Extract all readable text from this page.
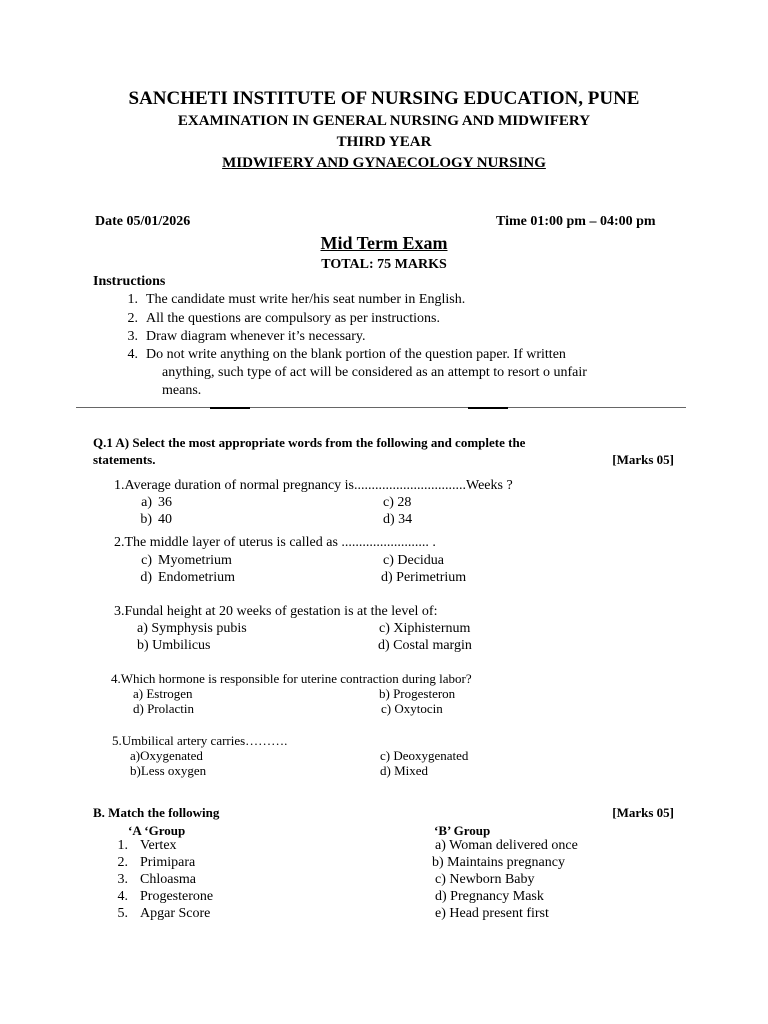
SANCHETI INSTITUTE OF NURSING EDUCATION, PUNE
EXAMINATION IN GENERAL NURSING AND MIDWIFERY
THIRD YEAR
MIDWIFERY AND GYNAECOLOGY NURSING
Date 05/01/2026	Time 01:00 pm – 04:00 pm
Mid Term Exam
TOTAL: 75 MARKS
Instructions
1. The candidate must write her/his seat number in English.
2. All the questions are compulsory as per instructions.
3. Draw diagram whenever it’s necessary.
4. Do not write anything on the blank portion of the question paper. If written
anything, such type of act will be considered as an attempt to resort o unfair
means.
Q.1 A) Select the most appropriate words from the following and complete the
statements.	[Marks 05]
1.Average duration of normal pregnancy is................................Weeks ?
a) 36	c) 28
b) 40	d) 34
2.The middle layer of uterus is called as ......................... .
c) Myometrium	c) Decidua
d) Endometrium	d) Perimetrium
3.Fundal height at 20 weeks of gestation is at the level of:
a) Symphysis pubis	c) Xiphisternum
b) Umbilicus	d) Costal margin
4.Which hormone is responsible for uterine contraction during labor?
a) Estrogen	b) Progesteron
d) Prolactin	c) Oxytocin
5.Umbilical artery carries……….
a)Oxygenated	c) Deoxygenated
b)Less oxygen	d) Mixed
B. Match the following	[Marks 05]
‘A ‘Group	‘B’ Group
1. Vertex	a) Woman delivered once
2. Primipara	b) Maintains pregnancy
3. Chloasma	c) Newborn Baby
4. Progesterone	d) Pregnancy Mask
5. Apgar Score	e) Head present first
